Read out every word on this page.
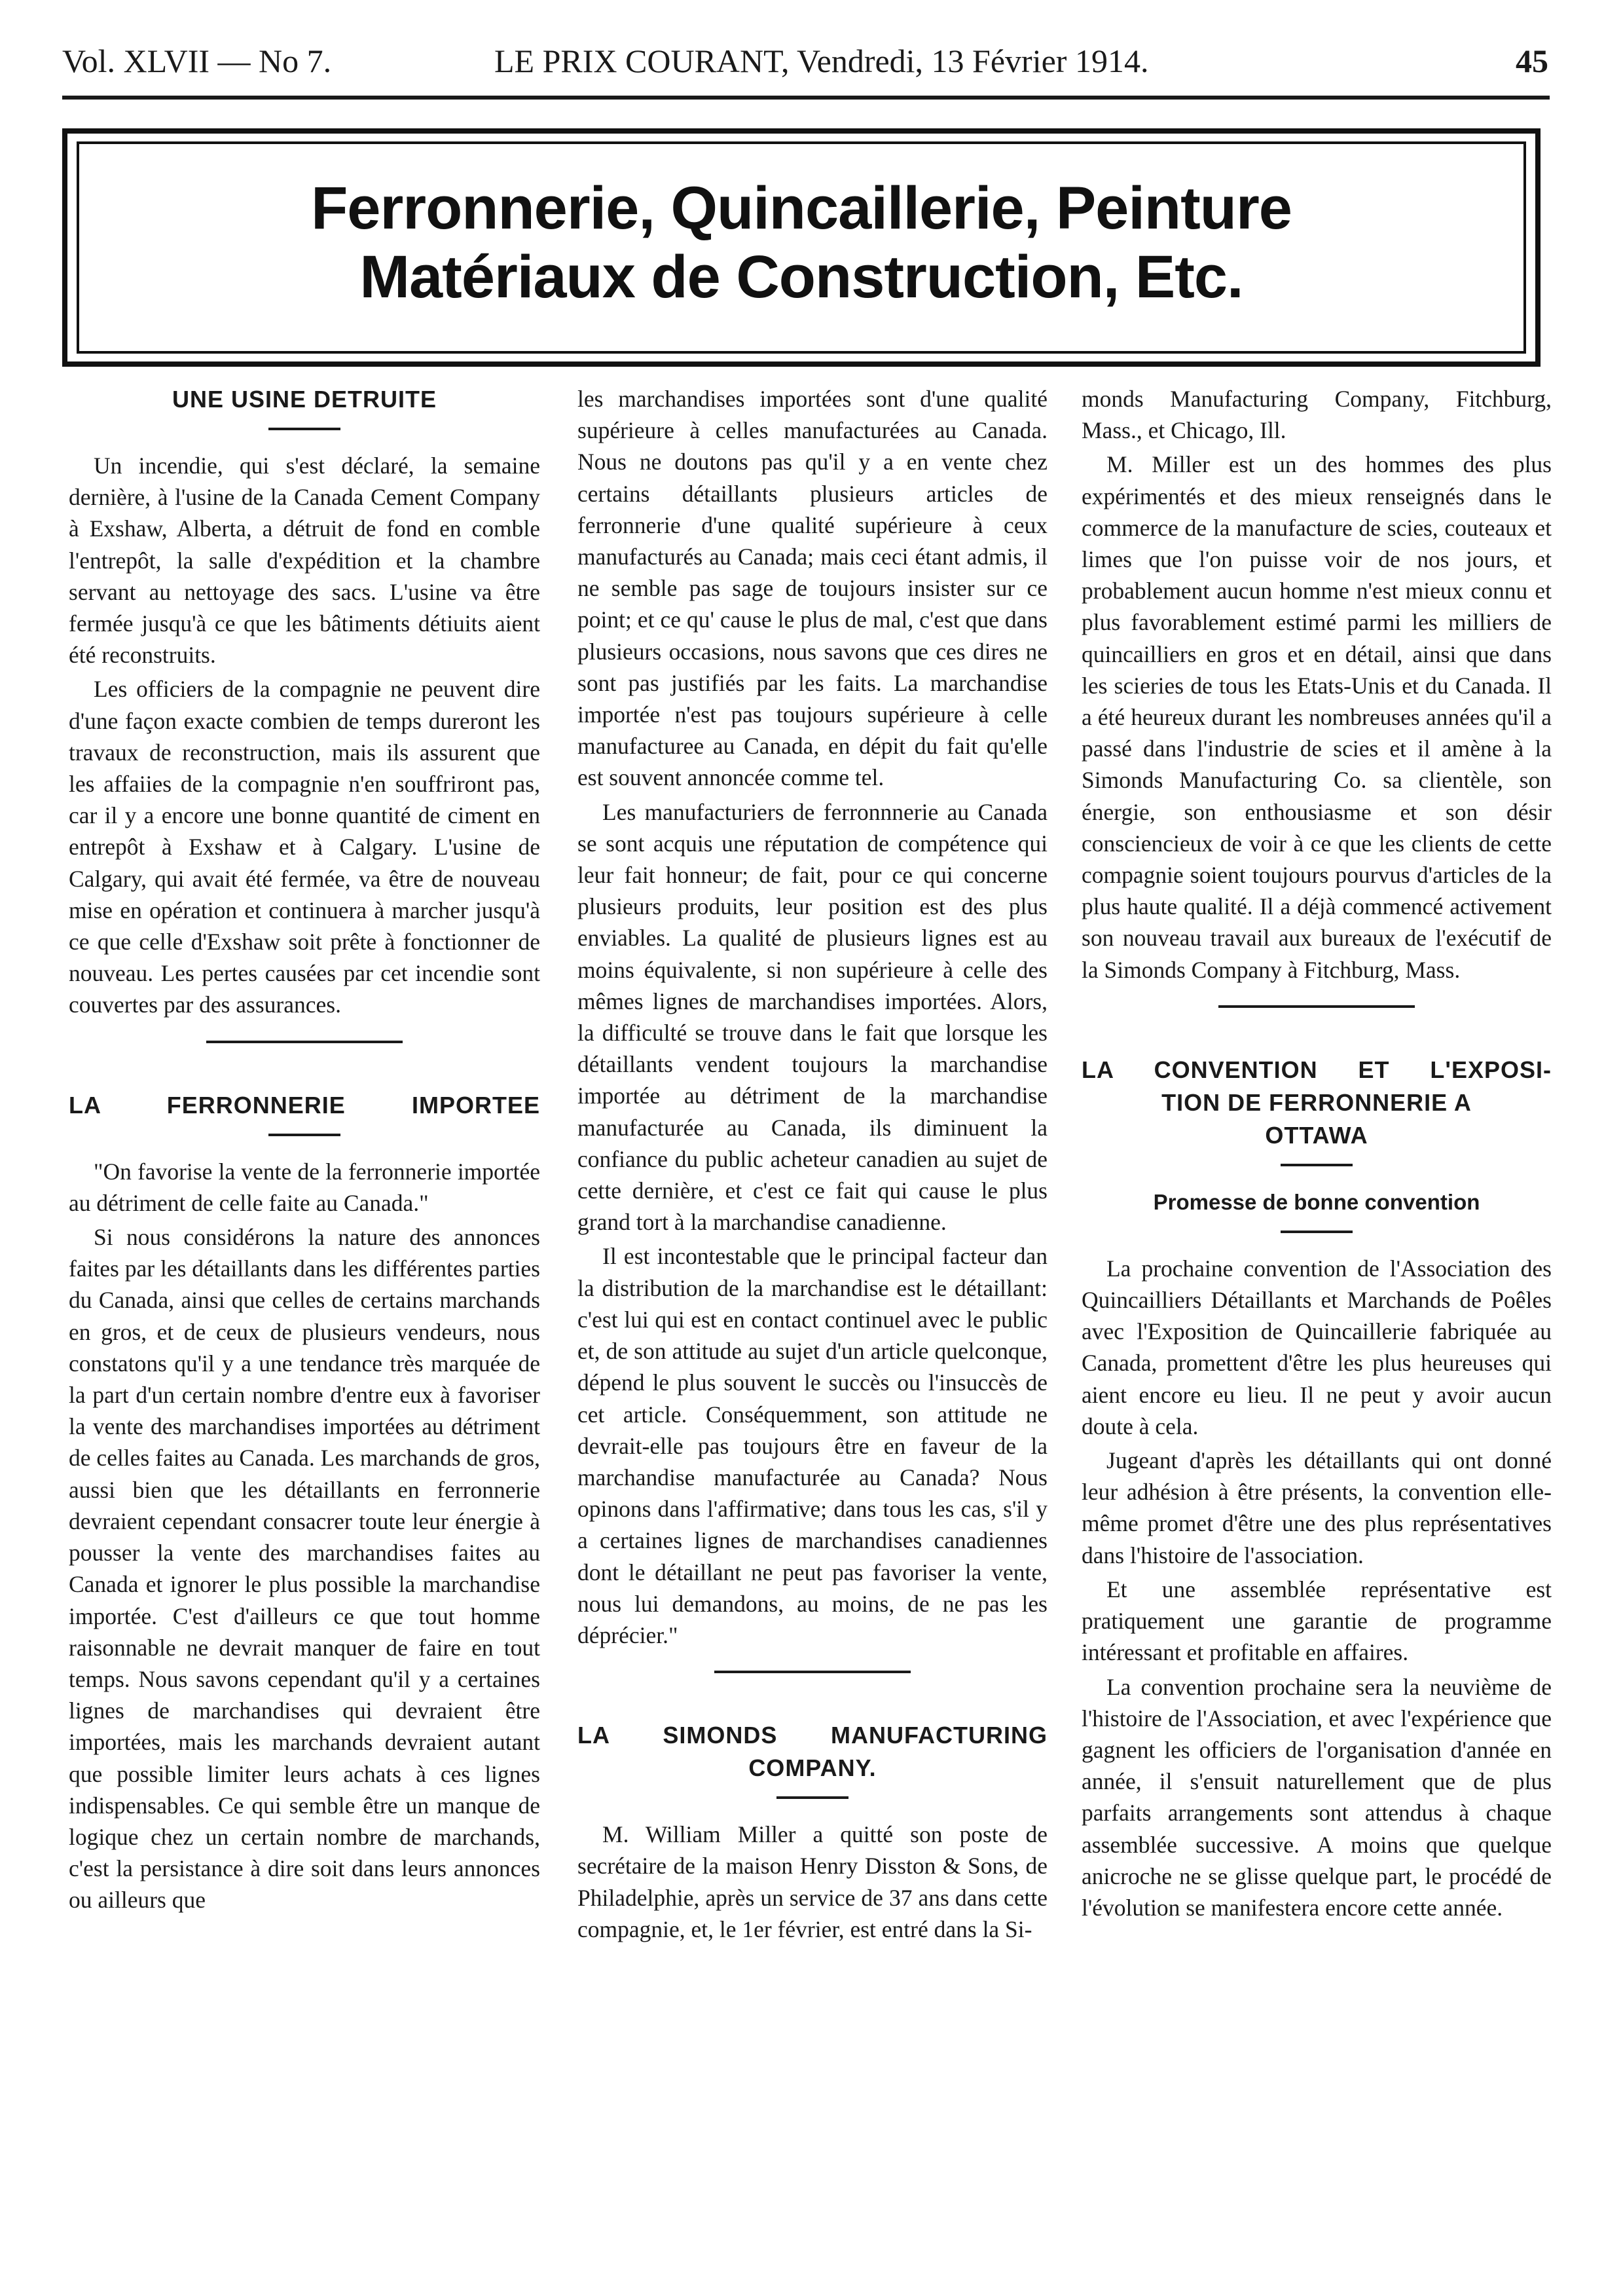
Vol. XLVII — No 7.	LE PRIX COURANT, Vendredi, 13 Février 1914.	45
Ferronnerie, Quincaillerie, Peinture
Matériaux de Construction, Etc.
UNE USINE DETRUITE

Un incendie, qui s'est déclaré, la semaine dernière, à l'usine de la Canada Cement Company à Exshaw, Alberta, a détruit de fond en comble l'entrepôt, la salle d'expédition et la chambre servant au nettoyage des sacs. L'usine va être fermée jusqu'à ce que les bâtiments détiuits aient été reconstruits.

Les officiers de la compagnie ne peuvent dire d'une façon exacte combien de temps dureront les travaux de reconstruction, mais ils assurent que les affaiies de la compagnie n'en souffriront pas, car il y a encore une bonne quantité de ciment en entrepôt à Exshaw et à Calgary. L'usine de Calgary, qui avait été fermée, va être de nouveau mise en opération et continuera à marcher jusqu'à ce que celle d'Exshaw soit prête à fonctionner de nouveau. Les pertes causées par cet incendie sont couvertes par des assurances.

LA FERRONNERIE IMPORTEE

"On favorise la vente de la ferronnerie importée au détriment de celle faite au Canada."

Si nous considérons la nature des annonces faites par les détaillants dans les différentes parties du Canada, ainsi que celles de certains marchands en gros, et de ceux de plusieurs vendeurs, nous constatons qu'il y a une tendance très marquée de la part d'un certain nombre d'entre eux à favoriser la vente des marchandises importées au détriment de celles faites au Canada. Les marchands de gros, aussi bien que les détaillants en ferronnerie devraient cependant consacrer toute leur énergie à pousser la vente des marchandises faites au Canada et ignorer le plus possible la marchandise importée. C'est d'ailleurs ce que tout homme raisonnable ne devrait manquer de faire en tout temps. Nous savons cependant qu'il y a certaines lignes de marchandises qui devraient être importées, mais les marchands devraient autant que possible limiter leurs achats à ces lignes indispensables. Ce qui semble être un manque de logique chez un certain nombre de marchands, c'est la persistance à dire soit dans leurs annonces ou ailleurs que

les marchandises importées sont d'une qualité supérieure à celles manufacturées au Canada. Nous ne doutons pas qu'il y a en vente chez certains détaillants plusieurs articles de ferronnerie d'une qualité supérieure à ceux manufacturés au Canada; mais ceci étant admis, il ne semble pas sage de toujours insister sur ce point; et ce qu' cause le plus de mal, c'est que dans plusieurs occasions, nous savons que ces dires ne sont pas justifiés par les faits. La marchandise importée n'est pas toujours supérieure à celle manufacturee au Canada, en dépit du fait qu'elle est souvent annoncée comme tel.

Les manufacturiers de ferronnnerie au Canada se sont acquis une réputation de compétence qui leur fait honneur; de fait, pour ce qui concerne plusieurs produits, leur position est des plus enviables. La qualité de plusieurs lignes est au moins équivalente, si non supérieure à celle des mêmes lignes de marchandises importées. Alors, la difficulté se trouve dans le fait que lorsque les détaillants vendent toujours la marchandise importée au détriment de la marchandise manufacturée au Canada, ils diminuent la confiance du public acheteur canadien au sujet de cette dernière, et c'est ce fait qui cause le plus grand tort à la marchandise canadienne.

Il est incontestable que le principal facteur dan la distribution de la marchandise est le détaillant: c'est lui qui est en contact continuel avec le public et, de son attitude au sujet d'un article quelconque, dépend le plus souvent le succès ou l'insuccès de cet article. Conséquemment, son attitude ne devrait-elle pas toujours être en faveur de la marchandise manufacturée au Canada? Nous opinons dans l'affirmative; dans tous les cas, s'il y a certaines lignes de marchandises canadiennes dont le détaillant ne peut pas favoriser la vente, nous lui demandons, au moins, de ne pas les déprécier."

LA SIMONDS MANUFACTURING
COMPANY.

M. William Miller a quitté son poste de secrétaire de la maison Henry Disston & Sons, de Philadelphie, après un service de 37 ans dans cette compagnie, et, le 1er février, est entré dans la Si-

monds Manufacturing Company, Fitchburg, Mass., et Chicago, Ill.

M. Miller est un des hommes des plus expérimentés et des mieux renseignés dans le commerce de la manufacture de scies, couteaux et limes que l'on puisse voir de nos jours, et probablement aucun homme n'est mieux connu et plus favorablement estimé parmi les milliers de quincailliers en gros et en détail, ainsi que dans les scieries de tous les Etats-Unis et du Canada. Il a été heureux durant les nombreuses années qu'il a passé dans l'industrie de scies et il amène à la Simonds Manufacturing Co. sa clientèle, son énergie, son enthousiasme et son désir consciencieux de voir à ce que les clients de cette compagnie soient toujours pourvus d'articles de la plus haute qualité. Il a déjà commencé activement son nouveau travail aux bureaux de l'exécutif de la Simonds Company à Fitchburg, Mass.

LA CONVENTION ET L'EXPOSI-
TION DE FERRONNERIE A
OTTAWA
Promesse de bonne convention

La prochaine convention de l'Association des Quincailliers Détaillants et Marchands de Poêles avec l'Exposition de Quincaillerie fabriquée au Canada, promettent d'être les plus heureuses qui aient encore eu lieu. Il ne peut y avoir aucun doute à cela.

Jugeant d'après les détaillants qui ont donné leur adhésion à être présents, la convention elle-même promet d'être une des plus représentatives dans l'histoire de l'association.

Et une assemblée représentative est pratiquement une garantie de programme intéressant et profitable en affaires.

La convention prochaine sera la neuvième de l'histoire de l'Association, et avec l'expérience que gagnent les officiers de l'organisation d'année en année, il s'ensuit naturellement que de plus parfaits arrangements sont attendus à chaque assemblée successive. A moins que quelque anicroche ne se glisse quelque part, le procédé de l'évolution se manifestera encore cette année.
